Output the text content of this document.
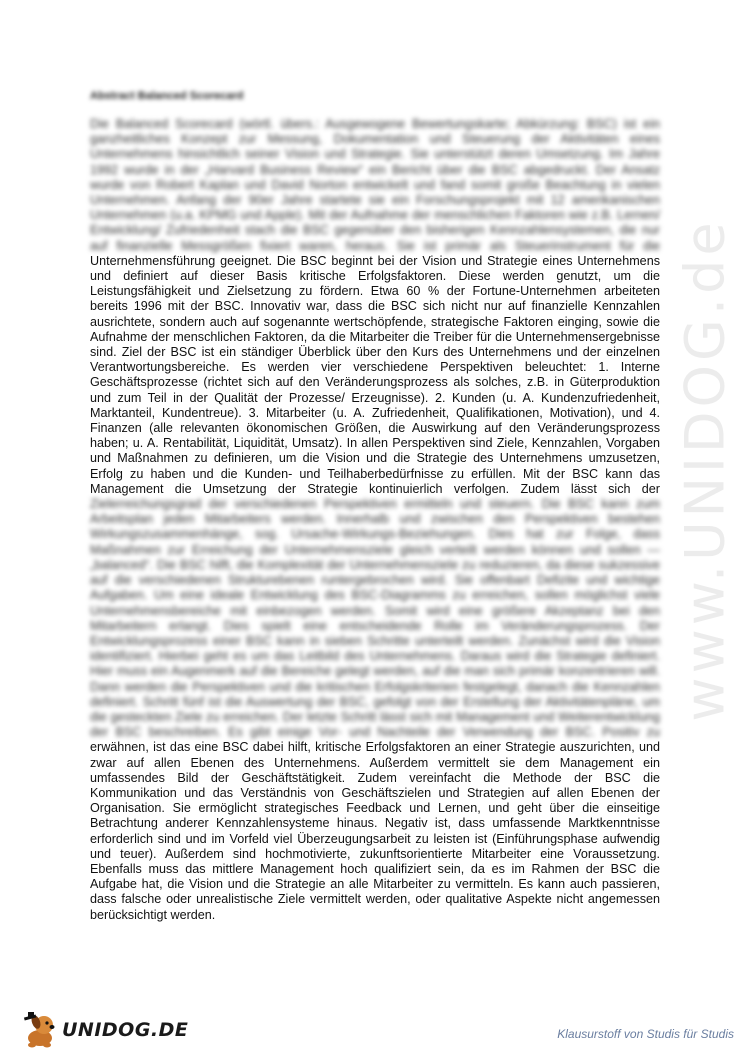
www.UNIDOG.de
Abstract Balanced Scorecard

Die Balanced Scorecard (wörtl. übers.: Ausgewogene Bewertungskarte; Abkürzung: BSC) ist ein ganzheitliches Konzept zur Messung, Dokumentation und Steuerung der Aktivitäten eines Unternehmens hinsichtlich seiner Vision und Strategie. Sie unterstützt deren Umsetzung. Im Jahre 1992 wurde in der „Harvard Business Review“ ein Bericht über die BSC abgedruckt. Der Ansatz wurde von Robert Kaplan und David Norton entwickelt und fand somit große Beachtung in vielen Unternehmen. Anfang der 90er Jahre startete sie ein Forschungsprojekt mit 12 amerikanischen Unternehmen (u.a. KPMG und Apple). Mit der Aufnahme der menschlichen Faktoren wie z.B. Lernen/ Entwicklung/ Zufriedenheit stach die BSC gegenüber den bisherigen Kennzahlensystemen, die nur auf finanzielle Messgrößen fixiert waren, heraus. Sie ist primär als Steuerinstrument für die Unternehmensführung geeignet. Die BSC beginnt bei der Vision und Strategie eines Unternehmens und definiert auf dieser Basis kritische Erfolgsfaktoren. Diese werden genutzt, um die Leistungsfähigkeit und Zielsetzung zu fördern. Etwa 60 % der Fortune-Unternehmen arbeiteten bereits 1996 mit der BSC. Innovativ war, dass die BSC sich nicht nur auf finanzielle Kennzahlen ausrichtete, sondern auch auf sogenannte wertschöpfende, strategische Faktoren einging, sowie die Aufnahme der menschlichen Faktoren, da die Mitarbeiter die Treiber für die Unternehmensergebnisse sind. Ziel der BSC ist ein ständiger Überblick über den Kurs des Unternehmens und der einzelnen Verantwortungsbereiche. Es werden vier verschiedene Perspektiven beleuchtet: 1. Interne Geschäftsprozesse (richtet sich auf den Veränderungsprozess als solches, z.B. in Güterproduktion und zum Teil in der Qualität der Prozesse/ Erzeugnisse). 2. Kunden (u. A. Kundenzufriedenheit, Marktanteil, Kundentreue). 3. Mitarbeiter (u. A. Zufriedenheit, Qualifikationen, Motivation), und 4. Finanzen (alle relevanten ökonomischen Größen, die Auswirkung auf den Veränderungsprozess haben; u. A. Rentabilität, Liquidität, Umsatz). In allen Perspektiven sind Ziele, Kennzahlen, Vorgaben und Maßnahmen zu definieren, um die Vision und die Strategie des Unternehmens umzusetzen, Erfolg zu haben und die Kunden- und Teilhaberbedürfnisse zu erfüllen. Mit der BSC kann das Management die Umsetzung der Strategie kontinuierlich verfolgen. Zudem lässt sich der Zielerreichungsgrad der verschiedenen Perspektiven ermitteln und steuern. Die BSC kann zum Arbeitsplan jeden Mitarbeiters werden. Innerhalb und zwischen den Perspektiven bestehen Wirkungszusammenhänge, sog. Ursache-Wirkungs-Beziehungen. Dies hat zur Folge, dass Maßnahmen zur Erreichung der Unternehmensziele gleich verteilt werden können und sollen — „balanced“. Die BSC hilft, die Komplexität der Unternehmensziele zu reduzieren, da diese sukzessive auf die verschiedenen Strukturebenen runtergebrochen wird. Sie offenbart Defizite und wichtige Aufgaben. Um eine ideale Entwicklung des BSC-Diagramms zu erreichen, sollen möglichst viele Unternehmensbereiche mit einbezogen werden. Somit wird eine größere Akzeptanz bei den Mitarbeitern erlangt. Dies spielt eine entscheidende Rolle im Veränderungsprozess. Der Entwicklungsprozess einer BSC kann in sieben Schritte unterteilt werden. Zunächst wird die Vision identifiziert. Hierbei geht es um das Leitbild des Unternehmens. Daraus wird die Strategie definiert. Hier muss ein Augenmerk auf die Bereiche gelegt werden, auf die man sich primär konzentrieren will. Dann werden die Perspektiven und die kritischen Erfolgskriterien festgelegt, danach die Kennzahlen definiert. Schritt fünf ist die Auswertung der BSC, gefolgt von der Erstellung der Aktivitätenpläne, um die gesteckten Ziele zu erreichen. Der letzte Schritt lässt sich mit Management und Weiterentwicklung der BSC beschreiben. Es gibt einige Vor- und Nachteile der Verwendung der BSC. Positiv zu erwähnen, ist das eine BSC dabei hilft, kritische Erfolgsfaktoren an einer Strategie auszurichten, und zwar auf allen Ebenen des Unternehmens. Außerdem vermittelt sie dem Management ein umfassendes Bild der Geschäftstätigkeit. Zudem vereinfacht die Methode der BSC die Kommunikation und das Verständnis von Geschäftszielen und Strategien auf allen Ebenen der Organisation. Sie ermöglicht strategisches Feedback und Lernen, und geht über die einseitige Betrachtung anderer Kennzahlensysteme hinaus. Negativ ist, dass umfassende Marktkenntnisse erforderlich sind und im Vorfeld viel Überzeugungsarbeit zu leisten ist (Einführungsphase aufwendig und teuer). Außerdem sind hochmotivierte, zukunftsorientierte Mitarbeiter eine Voraussetzung. Ebenfalls muss das mittlere Management hoch qualifiziert sein, da es im Rahmen der BSC die Aufgabe hat, die Vision und die Strategie an alle Mitarbeiter zu vermitteln. Es kann auch passieren, dass falsche oder unrealistische Ziele vermittelt werden, oder qualitative Aspekte nicht angemessen berücksichtigt werden.

UNIDOG.DE	Klausurstoff von Studis für Studis
